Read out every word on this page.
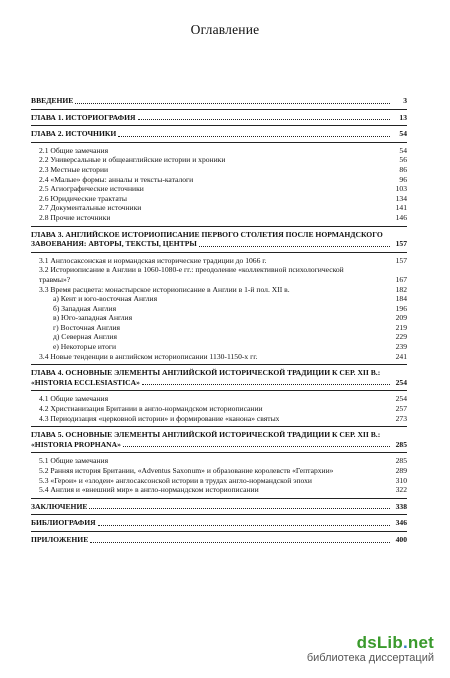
Оглавление
ВВЕДЕНИЕ	3
ГЛАВА 1. ИСТОРИОГРАФИЯ	13
ГЛАВА 2. ИСТОЧНИКИ	54
2.1 Общие замечания	54
2.2 Универсальные и общеанглийские истории и хроники	56
2.3 Местные истории	86
2.4 «Малые» формы: анналы и тексты-каталоги	96
2.5 Агиографические источники	103
2.6 Юридические трактаты	134
2.7 Документальные источники	141
2.8 Прочие источники	146
ГЛАВА 3. АНГЛИЙСКОЕ ИСТОРИОПИСАНИЕ ПЕРВОГО СТОЛЕТИЯ ПОСЛЕ НОРМАНДСКОГО
ЗАВОЕВАНИЯ: АВТОРЫ, ТЕКСТЫ, ЦЕНТРЫ	157
3.1 Англосаксонская и нормандская исторические традиции до 1066 г.	157
3.2 Историописание в Англии в 1060-1080-е гг.: преодоление «коллективной психологической
травмы»?	167
3.3 Время расцвета: монастырское историописание в Англии в 1-й пол. XII в.	182
а) Кент и юго-восточная Англия	184
б) Западная Англия	196
в) Юго-западная Англия	209
г) Восточная Англия	219
д) Северная Англия	229
е) Некоторые итоги	239
3.4 Новые тенденции в английском историописании 1130-1150-х гг.	241
ГЛАВА 4. ОСНОВНЫЕ ЭЛЕМЕНТЫ АНГЛИЙСКОЙ ИСТОРИЧЕСКОЙ ТРАДИЦИИ К СЕР. XII В.:
«HISTORIA ECCLESIASTICA»	254
4.1 Общие замечания	254
4.2 Христианизация Британии в англо-нормандском историописании	257
4.3 Периодизация «церковной истории» и формирование «канона» святых	273
ГЛАВА 5. ОСНОВНЫЕ ЭЛЕМЕНТЫ АНГЛИЙСКОЙ ИСТОРИЧЕСКОЙ ТРАДИЦИИ К СЕР. XII В.:
«HISTORIA PROPHANA»	285
5.1 Общие замечания	285
5.2 Ранняя история Британии, «Adventus Saxonum» и образование королевств «Гептархии»	289
5.3 «Герои» и «злодеи» англосаксонской истории в трудах англо-нормандской эпохи	310
5.4 Англия и «внешний мир» в англо-нормандском историописании	322
ЗАКЛЮЧЕНИЕ	338
БИБЛИОГРАФИЯ	346
ПРИЛОЖЕНИЕ	400
dsLib.net
библиотека диссертаций
